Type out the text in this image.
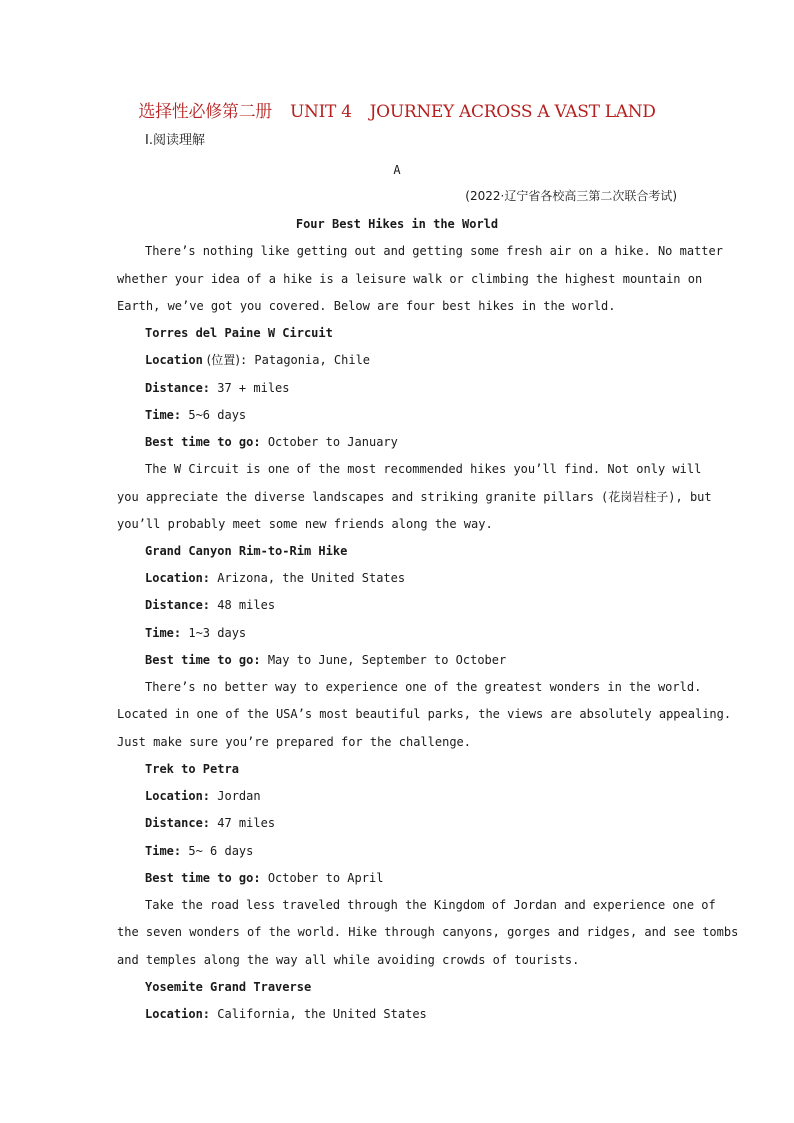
选择性必修第二册 UNIT 4 JOURNEY ACROSS A VAST LAND
Ⅰ.阅读理解
A
(2022·辽宁省各校高三第二次联合考试)
Four Best Hikes in the World
There’s nothing like getting out and getting some fresh air on a hike. No matter
whether your idea of a hike is a leisure walk or climbing the highest mountain on
Earth, we’ve got you covered. Below are four best hikes in the world.
Torres del Paine W Circuit
Location (位置): Patagonia, Chile
Distance: 37 + miles
Time: 5~6 days
Best time to go: October to January
The W Circuit is one of the most recommended hikes you’ll find. Not only will
you appreciate the diverse landscapes and striking granite pillars (花岗岩柱子), but
you’ll probably meet some new friends along the way.
Grand Canyon Rim-to-Rim Hike
Location: Arizona, the United States
Distance: 48 miles
Time: 1~3 days
Best time to go: May to June, September to October
There’s no better way to experience one of the greatest wonders in the world.
Located in one of the USA’s most beautiful parks, the views are absolutely appealing.
Just make sure you’re prepared for the challenge.
Trek to Petra
Location: Jordan
Distance: 47 miles
Time: 5~ 6 days
Best time to go: October to April
Take the road less traveled through the Kingdom of Jordan and experience one of
the seven wonders of the world. Hike through canyons, gorges and ridges, and see tombs
and temples along the way all while avoiding crowds of tourists.
Yosemite Grand Traverse
Location: California, the United States
